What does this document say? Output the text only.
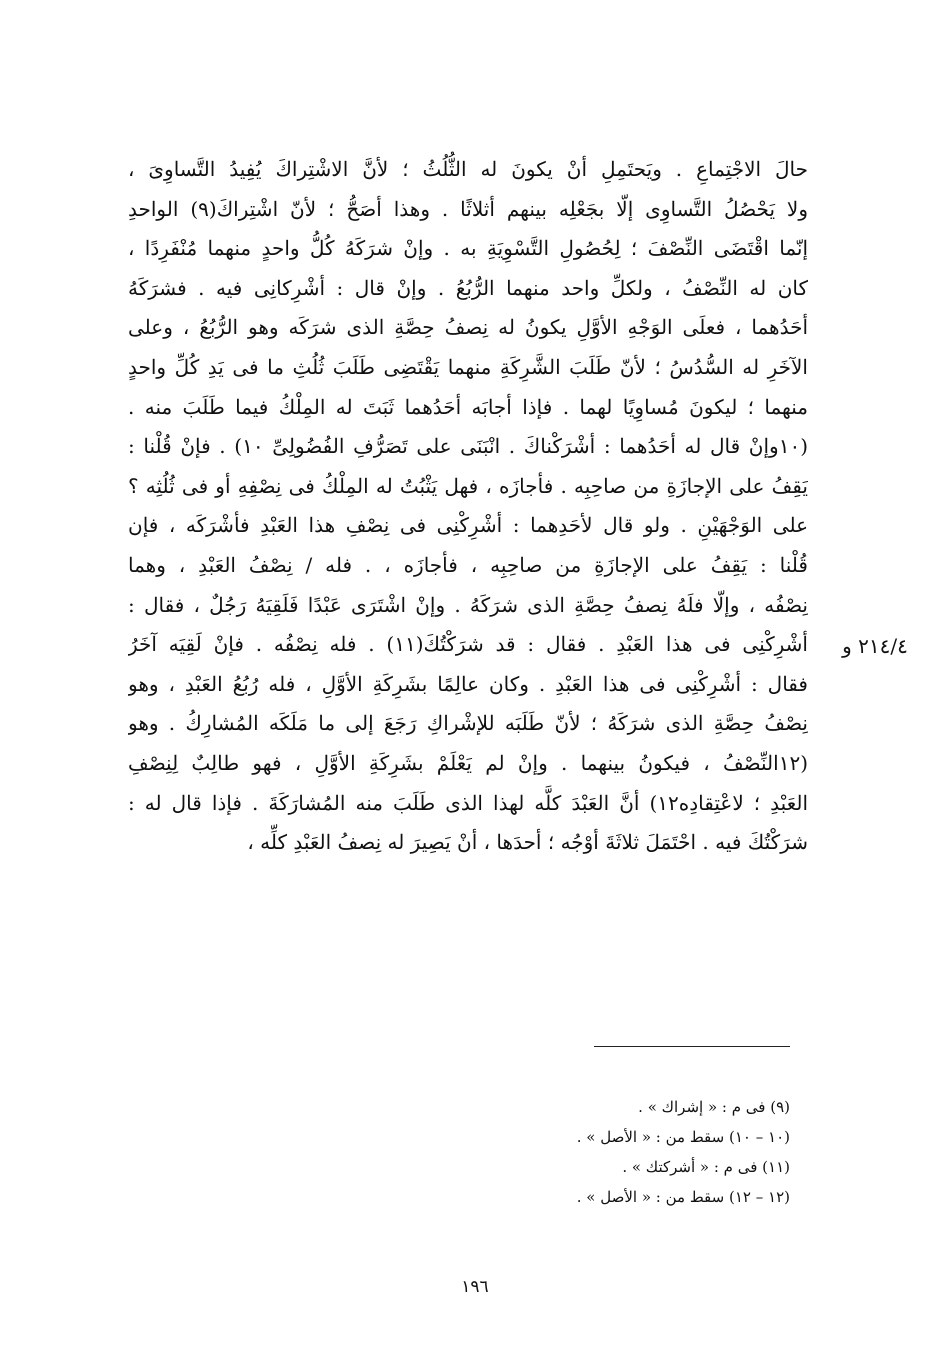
حالَ الاجْتِماعِ . ويَحتَمِلِ أنْ يكونَ له الثُّلُثُ ؛ لأنَّ الاشْتِراكَ يُفِيدُ التَّساوِىَ ،
ولا يَحْصُلُ التَّساوِى إلّا بجَعْلِه بينهم أثلاثًا . وهذا أصَحُّ ؛ لأنّ اشْتِراكَ(٩) الواحدِ
إنّما اقْتَضَى النِّصْفَ ؛ لِحُصُولِ التَّسْوِيَةِ به . وإنْ شرَكَهُ كُلُّ واحدٍ منهما مُنْفَرِدًا ،
كان له النِّصْفُ ، ولكلِّ واحد منهما الرُّبُعُ . وإنْ قال : أشْرِكانِى فيه . فشرَكَهُ
أحَدُهما ، فعلَى الوَجْهِ الأوَّلِ يكونُ له نِصفُ حِصَّةِ الذى شرَكَه وهو الرُّبُعُ ، وعلى
الآخَرِ له السُّدُسُ ؛ لأنّ طَلَبَ الشَّرِكَةِ منهما يَقْتَضِى طَلَبَ ثُلُثِ ما فى يَدِ كُلِّ واحدٍ
منهما ؛ ليكونَ مُساوِيًا لهما . فإذا أجابَه أحَدُهما ثَبَتَ له المِلْكُ فيما طَلَبَ منه .
(١٠وإنْ قال له أحَدُهما : أشْرَكْناكَ . انْبَنَى على تَصَرُّفِ الفُضُولِىِّ ١٠) . فإنْ قُلْنا :
يَقِفُ على الإجازَةِ من صاحِبِه . فأجازَه ، فهل يَثْبُتُ له المِلْكُ فى نِصْفِهِ أو فى ثُلُثِه ؟
على الوَجْهَيْنِ . ولو قال لأحَدِهما : أشْرِكْنِى فى نِصْفِ هذا العَبْدِ فأشْرَكَه ، فإن
قُلْنا : يَقِفُ على الإجازَةِ من صاحِبِه ، فأجازَه ، . فله / نِصْفُ العَبْدِ ، وهما
نِصْفُه ، وإلّا فلَهُ نِصفُ حِصَّةِ الذى شرَكَهُ . وإنْ اشْتَرَى عَبْدًا فَلَقِيَهُ رَجُلٌ ، فقال :
أشْرِكْنِى فى هذا العَبْدِ . فقال : قد شرَكْتُكَ(١١) . فله نِصْفُه . فإنْ لَقِيَه آخَرُ
فقال : أشْرِكْنِى فى هذا العَبْدِ . وكان عالِمًا بشَرِكَةِ الأوَّلِ ، فله رُبُعُ العَبْدِ ، وهو
نِصْفُ حِصَّةِ الذى شرَكَهُ ؛ لأنّ طَلَبَه للإشْراكِ رَجَعَ إلى ما مَلَكَه المُشارِكُ . وهو
(١٢النِّصْفُ ، فيكونُ بينهما . وإنْ لم يَعْلَمْ بشَرِكَةِ الأوَّلِ ، فهو طالِبٌ لِنِصْفِ
العَبْدِ ؛ لاعْتِقادِه١٢) أنَّ العَبْدَ كلَّه لهذا الذى طَلَبَ منه المُشارَكَةَ . فإذا قال له :
شرَكْتُكَ فيه . احْتَمَلَ ثلاثَةَ أوْجُه ؛ أحدَها ، أنْ يَصِيرَ له نِصفُ العَبْدِ كلِّه ،
٢١٤/٤ و
(٩) فى م : « إشراك » .
(١٠ – ١٠) سقط من : « الأصل » .
(١١) فى م : « أشركتك » .
(١٢ – ١٢) سقط من : « الأصل » .
١٩٦
